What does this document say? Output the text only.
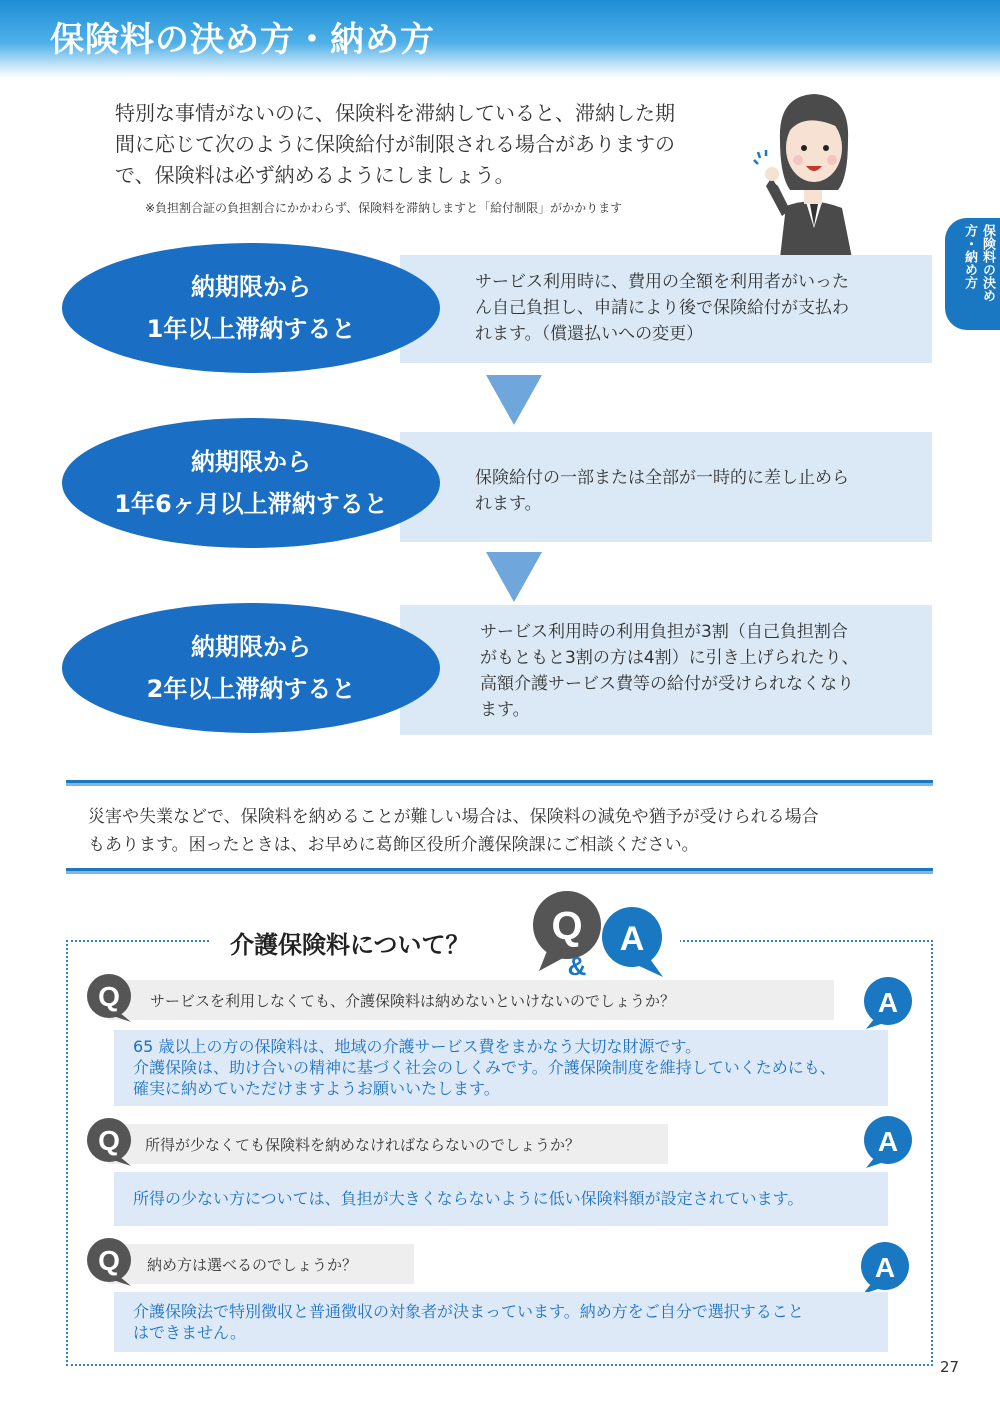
保険料の決め方・納め方
保険料の決め方・納め方
特別な事情がないのに、保険料を滞納していると、滞納した期
間に応じて次のように保険給付が制限される場合がありますの
で、保険料は必ず納めるようにしましょう。
※負担割合証の負担割合にかかわらず、保険料を滞納しますと「給付制限」がかかります
サービス利用時に、費用の全額を利用者がいった
ん自己負担し、申請により後で保険給付が支払わ
れます。（償還払いへの変更）
納期限から
1年以上滞納すると
保険給付の一部または全部が一時的に差し止めら
れます。
納期限から
1年6ヶ月以上滞納すると
サービス利用時の利用負担が3割（自己負担割合
がもともと3割の方は4割）に引き上げられたり、
高額介護サービス費等の給付が受けられなくなり
ます。
納期限から
2年以上滞納すると
災害や失業などで、保険料を納めることが難しい場合は、保険料の減免や猶予が受けられる場合
もあります。困ったときは、お早めに葛飾区役所介護保険課にご相談ください。
介護保険料について？ Q A
&
Q サービスを利用しなくても、介護保険料は納めないといけないのでしょうか？	A
65 歳以上の方の保険料は、地域の介護サービス費をまかなう大切な財源です。
介護保険は、助け合いの精神に基づく社会のしくみです。介護保険制度を維持していくためにも、
確実に納めていただけますようお願いいたします。
Q 所得が少なくても保険料を納めなければならないのでしょうか？	A
所得の少ない方については、負担が大きくならないように低い保険料額が設定されています。
Q 納め方は選べるのでしょうか？	A
介護保険法で特別徴収と普通徴収の対象者が決まっています。納め方をご自分で選択すること
はできません。
27
